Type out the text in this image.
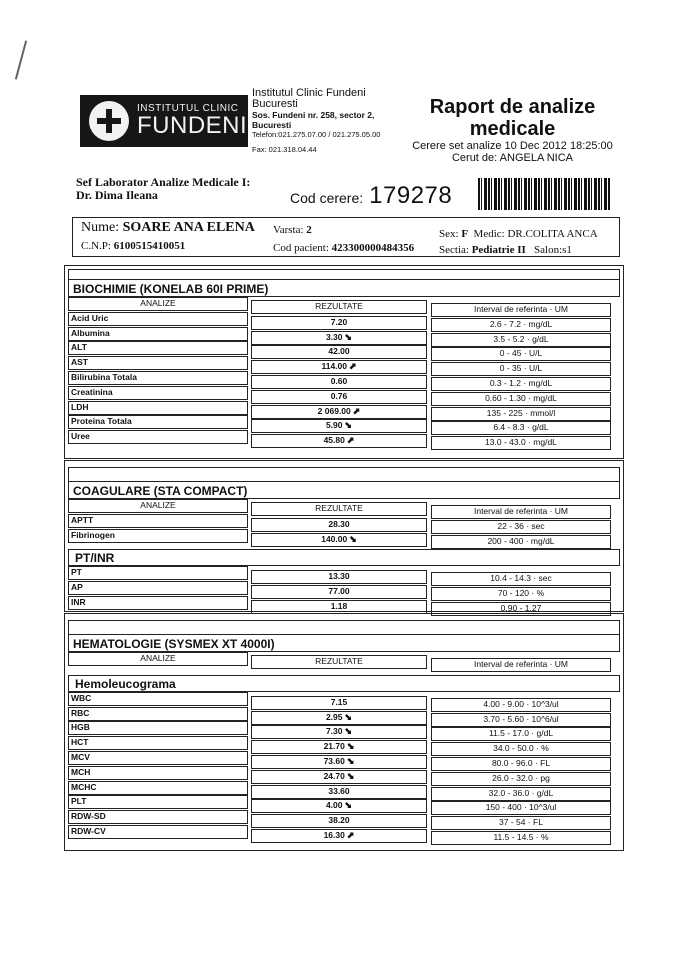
INSTITUTUL CLINIC
FUNDENI
Institutul Clinic Fundeni
Bucuresti
Sos. Fundeni nr. 258, sector 2,
Bucuresti
Telefon:021.275.07.00 / 021.275.05.00
Fax: 021.318.04.44
Raport de analize medicale
Cerere set analize 10 Dec 2012 18:25:00
Cerut de: ANGELA NICA
Sef Laborator Analize Medicale I:
Dr. Dima Ileana	Cod cerere: 179278
Nume: SOARE ANA ELENA
C.N.P: 6100515410051
Varsta: 2
Cod pacient: 423300000484356
Sex: F Medic: DR.COLITA ANCA
Sectia: Pediatrie II Salon:s1
BIOCHIMIE (KONELAB 60I PRIME)
ANALIZE	REZULTATE	Interval de referinta · UM
Acid Uric	7.20	2.6 - 7.2 · mg/dL
Albumina	3.30 ⬊	3.5 - 5.2 · g/dL
ALT	42.00	0 - 45 · U/L
AST	114.00 ⬈	0 - 35 · U/L
Bilirubina Totala	0.60	0.3 - 1.2 · mg/dL
Creatinina	0.76	0.60 - 1.30 · mg/dL
LDH	2 069.00 ⬈	135 - 225 · mmol/l
Proteina Totala	5.90 ⬊	6.4 - 8.3 · g/dL
Uree	45.80 ⬈	13.0 - 43.0 · mg/dL
COAGULARE (STA COMPACT)
ANALIZE	REZULTATE	Interval de referinta · UM
APTT	28.30	22 - 36 · sec
Fibrinogen	140.00 ⬊	200 - 400 · mg/dL
PT/INR
PT	13.30	10.4 - 14.3 · sec
AP	77.00	70 - 120 · %
INR	1.18	0.90 - 1.27
HEMATOLOGIE (SYSMEX XT 4000I)
ANALIZE	REZULTATE	Interval de referinta · UM
Hemoleucograma
WBC	7.15	4.00 - 9.00 · 10^3/ul
RBC	2.95 ⬊	3.70 - 5.60 · 10^6/ul
HGB	7.30 ⬊	11.5 - 17.0 · g/dL
HCT	21.70 ⬊	34.0 - 50.0 · %
MCV	73.60 ⬊	80.0 - 96.0 · FL
MCH	24.70 ⬊	26.0 - 32.0 · pg
MCHC	33.60	32.0 - 36.0 · g/dL
PLT	4.00 ⬊	150 - 400 · 10^3/ul
RDW-SD	38.20	37 - 54 · FL
RDW-CV	16.30 ⬈	11.5 - 14.5 · %
